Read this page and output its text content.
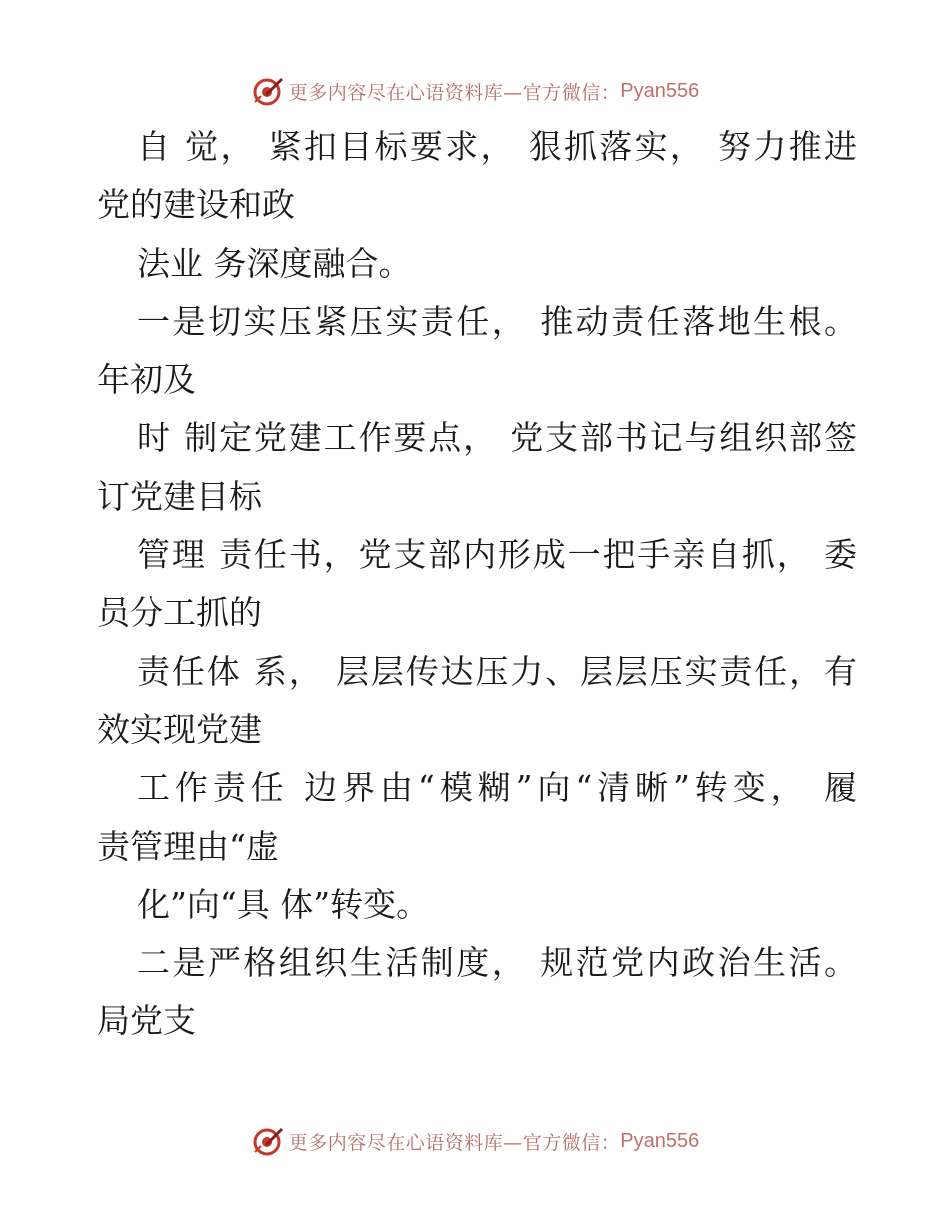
更多内容尽在心语资料库—官方微信： Pyan556
自 觉， 紧扣目标要求， 狠抓落实， 努力推进
党的建设和政
法业 务深度融合。
一是切实压紧压实责任， 推动责任落地生根。
年初及
时 制定党建工作要点， 党支部书记与组织部签
订党建目标
管理 责任书，党支部内形成一把手亲自抓， 委
员分工抓的
责任体 系， 层层传达压力、层层压实责任，有
效实现党建
工作责任 边界由“模糊”向“清晰”转变， 履
责管理由“虚
化”向“具 体”转变。
二是严格组织生活制度， 规范党内政治生活。
局党支
更多内容尽在心语资料库—官方微信： Pyan556
